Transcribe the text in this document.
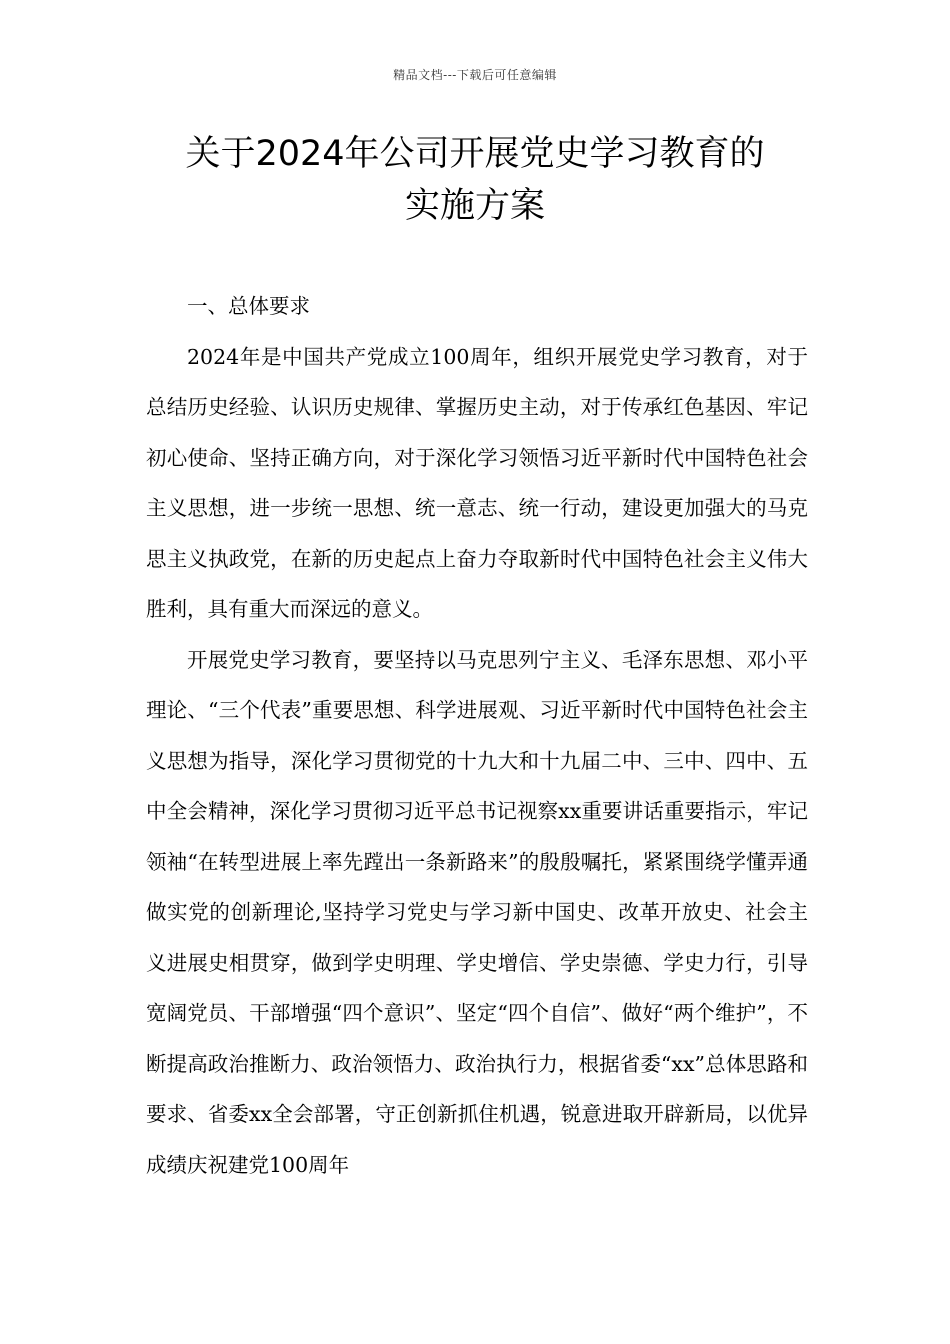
精品文档---下载后可任意编辑
关于2024年公司开展党史学习教育的
实施方案

一、总体要求

2024年是中国共产党成立100周年，组织开展党史学习教育，对于总结历史经验、认识历史规律、掌握历史主动，对于传承红色基因、牢记初心使命、坚持正确方向，对于深化学习领悟习近平新时代中国特色社会主义思想，进一步统一思想、统一意志、统一行动，建设更加强大的马克思主义执政党，在新的历史起点上奋力夺取新时代中国特色社会主义伟大胜利，具有重大而深远的意义。

开展党史学习教育，要坚持以马克思列宁主义、毛泽东思想、邓小平理论、“三个代表”重要思想、科学进展观、习近平新时代中国特色社会主义思想为指导，深化学习贯彻党的十九大和十九届二中、三中、四中、五中全会精神，深化学习贯彻习近平总书记视察xx重要讲话重要指示，牢记领袖“在转型进展上率先蹚出一条新路来”的殷殷嘱托，紧紧围绕学懂弄通做实党的创新理论,坚持学习党史与学习新中国史、改革开放史、社会主义进展史相贯穿，做到学史明理、学史增信、学史崇德、学史力行，引导宽阔党员、干部增强“四个意识”、坚定“四个自信”、做好“两个维护”，不断提高政治推断力、政治领悟力、政治执行力，根据省委“xx”总体思路和要求、省委xx全会部署，守正创新抓住机遇，锐意进取开辟新局，以优异成绩庆祝建党100周年
